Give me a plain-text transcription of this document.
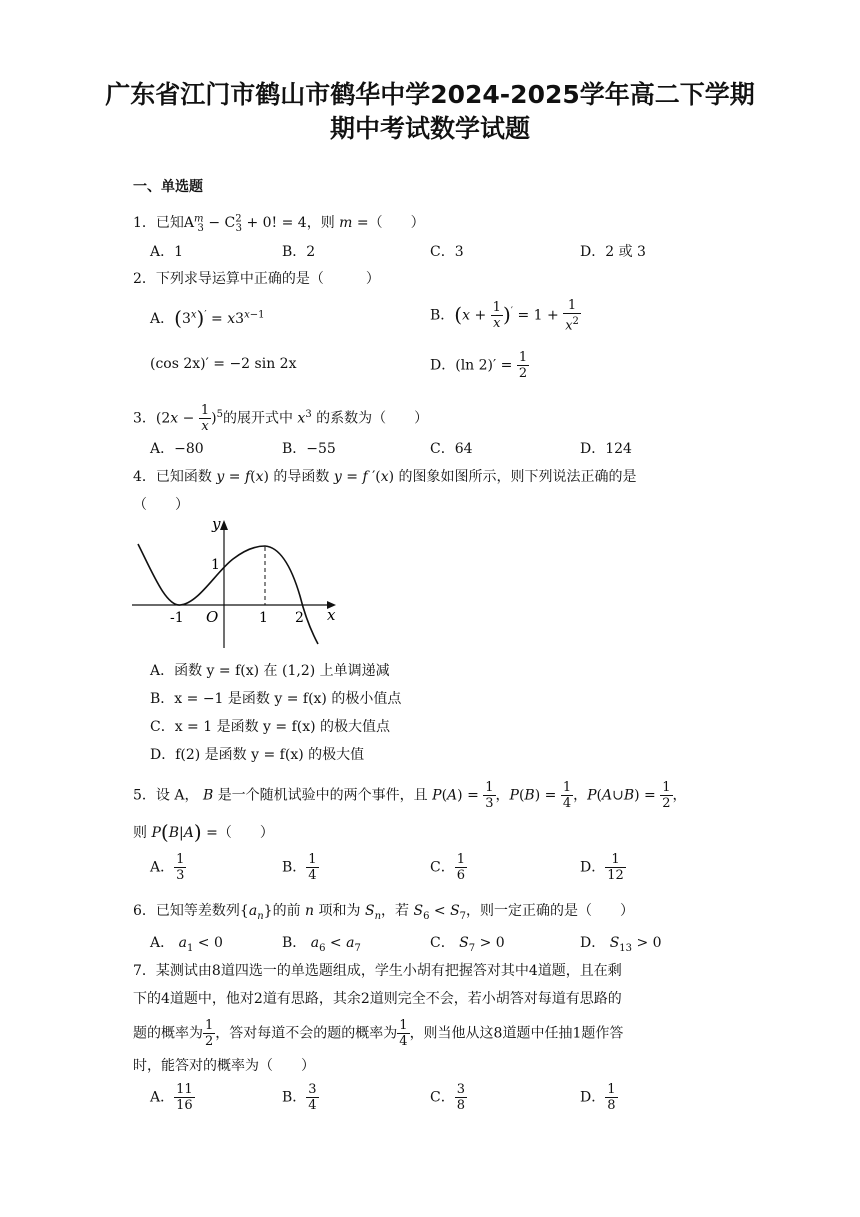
广东省江门市鹤山市鹤华中学2024-2025学年高二下学期
期中考试数学试题
一、单选题
1．已知$A^m_3 - C^2_3 + 0$! = 4，则 m =（　　）
A．1	B．2	C．3	D．2 或 3
2．下列求导运算中正确的是（　　　）
A．$(3^x)' = x3^{x-1}$	B．$(x + \frac{1}{x} )' = 1 + \frac{1}{x^2}$
(cos 2x)′ = −2 sin 2x	D．(ln $2)' = \frac{1}{2}$
3．$(2x - \frac{1}{x} )^5$的展开式中 $x^3$ 的系数为（　　）
A．−80	B．−55	C．64	D．124
4．已知函数 y = f(x) 的导函数 y = f ′(x) 的图象如图所示，则下列说法正确的是
（　　）
y
x
O
-1	1 2
1
A．函数 y = f(x) 在 (1,2) 上单调递减
B．x = −1 是函数 y = f(x) 的极小值点
C．x = 1 是函数 y = f(x) 的极大值点
D．f(2) 是函数 y = f(x) 的极大值
5．设 A， B 是一个随机试验中的两个事件，且 $P(A) = \frac{1}{3}$ ，$P(B) = \frac{1}{4}$ ，P(A∪B) = $\frac{1}{2}$ ，
则 P(B|A) =（　　）
A． $\frac{1}{3}$	B． $\frac{1}{4}$	C． $\frac{1}{6}$	D． $\frac{1}{12}$
6．已知等差数列$\{a_n\}$的前 n 项和为 $S_n$，若 $S_6 < S_7$，则一定正确的是（　　）
A． $a_1 < 0$	B． $a_6 < a_7$	C． $S_7 > 0$	D． $S_{13} > 0$
7．某测试由8道四选一的单选题组成，学生小胡有把握答对其中4道题，且在剩
下的4道题中，他对2道有思路，其余2道则完全不会，若小胡答对每道有思路的
题的概率为 $\frac{1}{2}$ ，答对每道不会的题的概率为 $\frac{1}{4}$ ，则当他从这8道题中任抽1题作答
时，能答对的概率为（　　）
A． $\frac{11}{16}$	B． $\frac{3}{4}$	C． $\frac{3}{8}$	D． $\frac{1}{8}$
